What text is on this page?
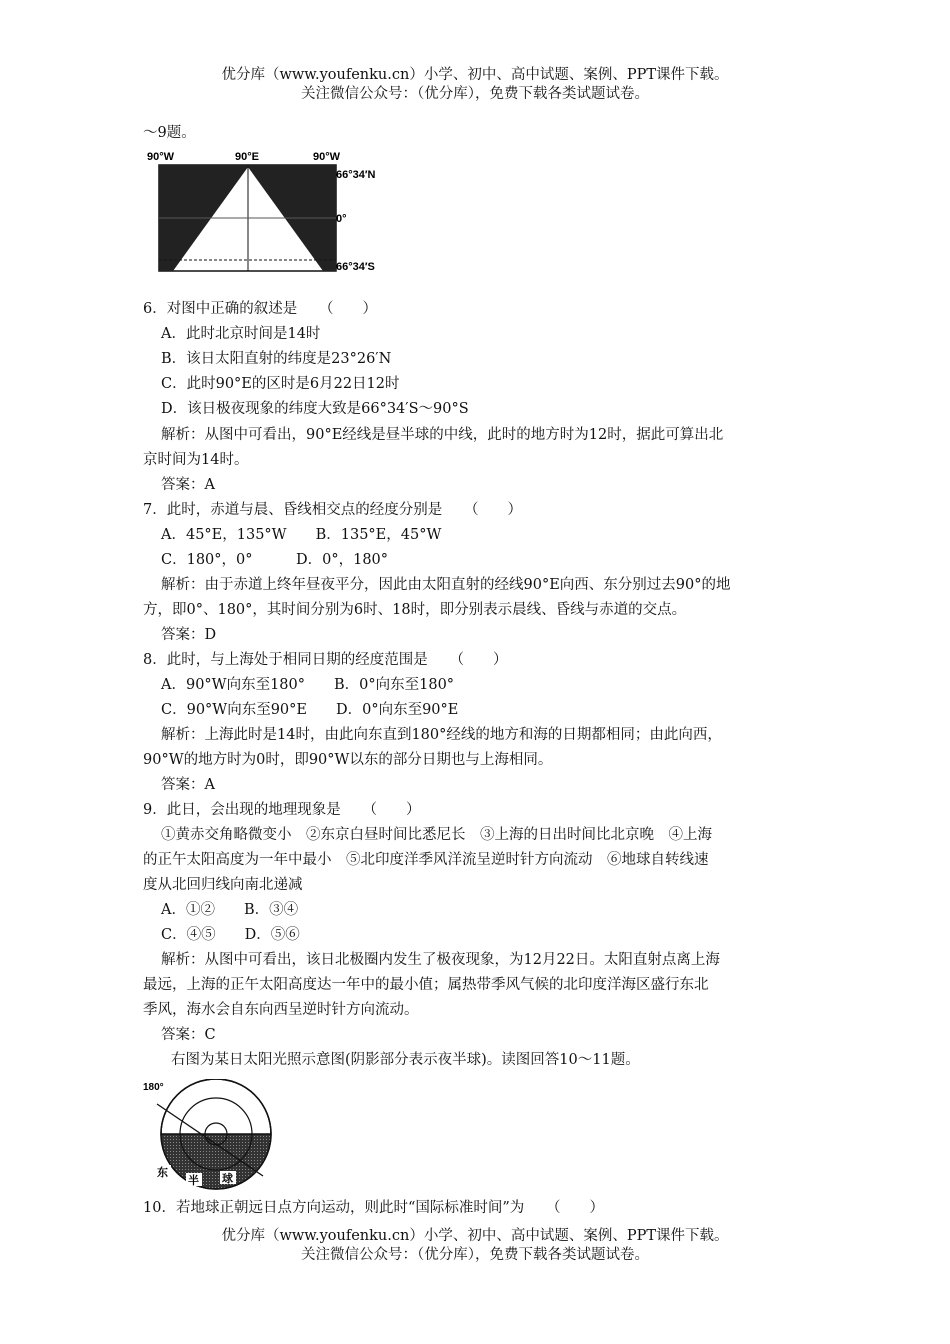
优分库（www.youfenku.cn）小学、初中、高中试题、案例、PPT课件下载。
关注微信公众号：（优分库），免费下载各类试题试卷。
～9题。
90°W	90°E	90°W
66°34′N
0°
66°34′S
6．对图中正确的叙述是　　（　　）
A．此时北京时间是14时
B．该日太阳直射的纬度是23°26′N
C．此时90°E的区时是6月22日12时
D．该日极夜现象的纬度大致是66°34′S～90°S
解析：从图中可看出，90°E经线是昼半球的中线，此时的地方时为12时，据此可算出北
京时间为14时。
答案：A
7．此时，赤道与晨、昏线相交点的经度分别是　　（　　）
A．45°E，135°W　　B．135°E，45°W
C．180°，0°　　　D．0°，180°
解析：由于赤道上终年昼夜平分，因此由太阳直射的经线90°E向西、东分别过去90°的地
方，即0°、180°，其时间分别为6时、18时，即分别表示晨线、昏线与赤道的交点。
答案：D
8．此时，与上海处于相同日期的经度范围是　　（　　）
A．90°W向东至180°　　B．0°向东至180°
C．90°W向东至90°E　　D．0°向东至90°E
解析：上海此时是14时，由此向东直到180°经线的地方和海的日期都相同；由此向西，
90°W的地方时为0时，即90°W以东的部分日期也与上海相同。
答案：A
9．此日，会出现的地理现象是　　（　　）
①黄赤交角略微变小　②东京白昼时间比悉尼长　③上海的日出时间比北京晚　④上海
的正午太阳高度为一年中最小　⑤北印度洋季风洋流呈逆时针方向流动　⑥地球自转线速
度从北回归线向南北递减
A．①②　　B．③④
C．④⑤　　D．⑤⑥
解析：从图中可看出，该日北极圈内发生了极夜现象，为12月22日。太阳直射点离上海
最远，上海的正午太阳高度达一年中的最小值；属热带季风气候的北印度洋海区盛行东北
季风，海水会自东向西呈逆时针方向流动。
答案：C
右图为某日太阳光照示意图(阴影部分表示夜半球)。读图回答10～11题。
180°
东
半 球
10．若地球正朝远日点方向运动，则此时“国际标准时间”为　　（　　）
优分库（www.youfenku.cn）小学、初中、高中试题、案例、PPT课件下载。
关注微信公众号：（优分库），免费下载各类试题试卷。
